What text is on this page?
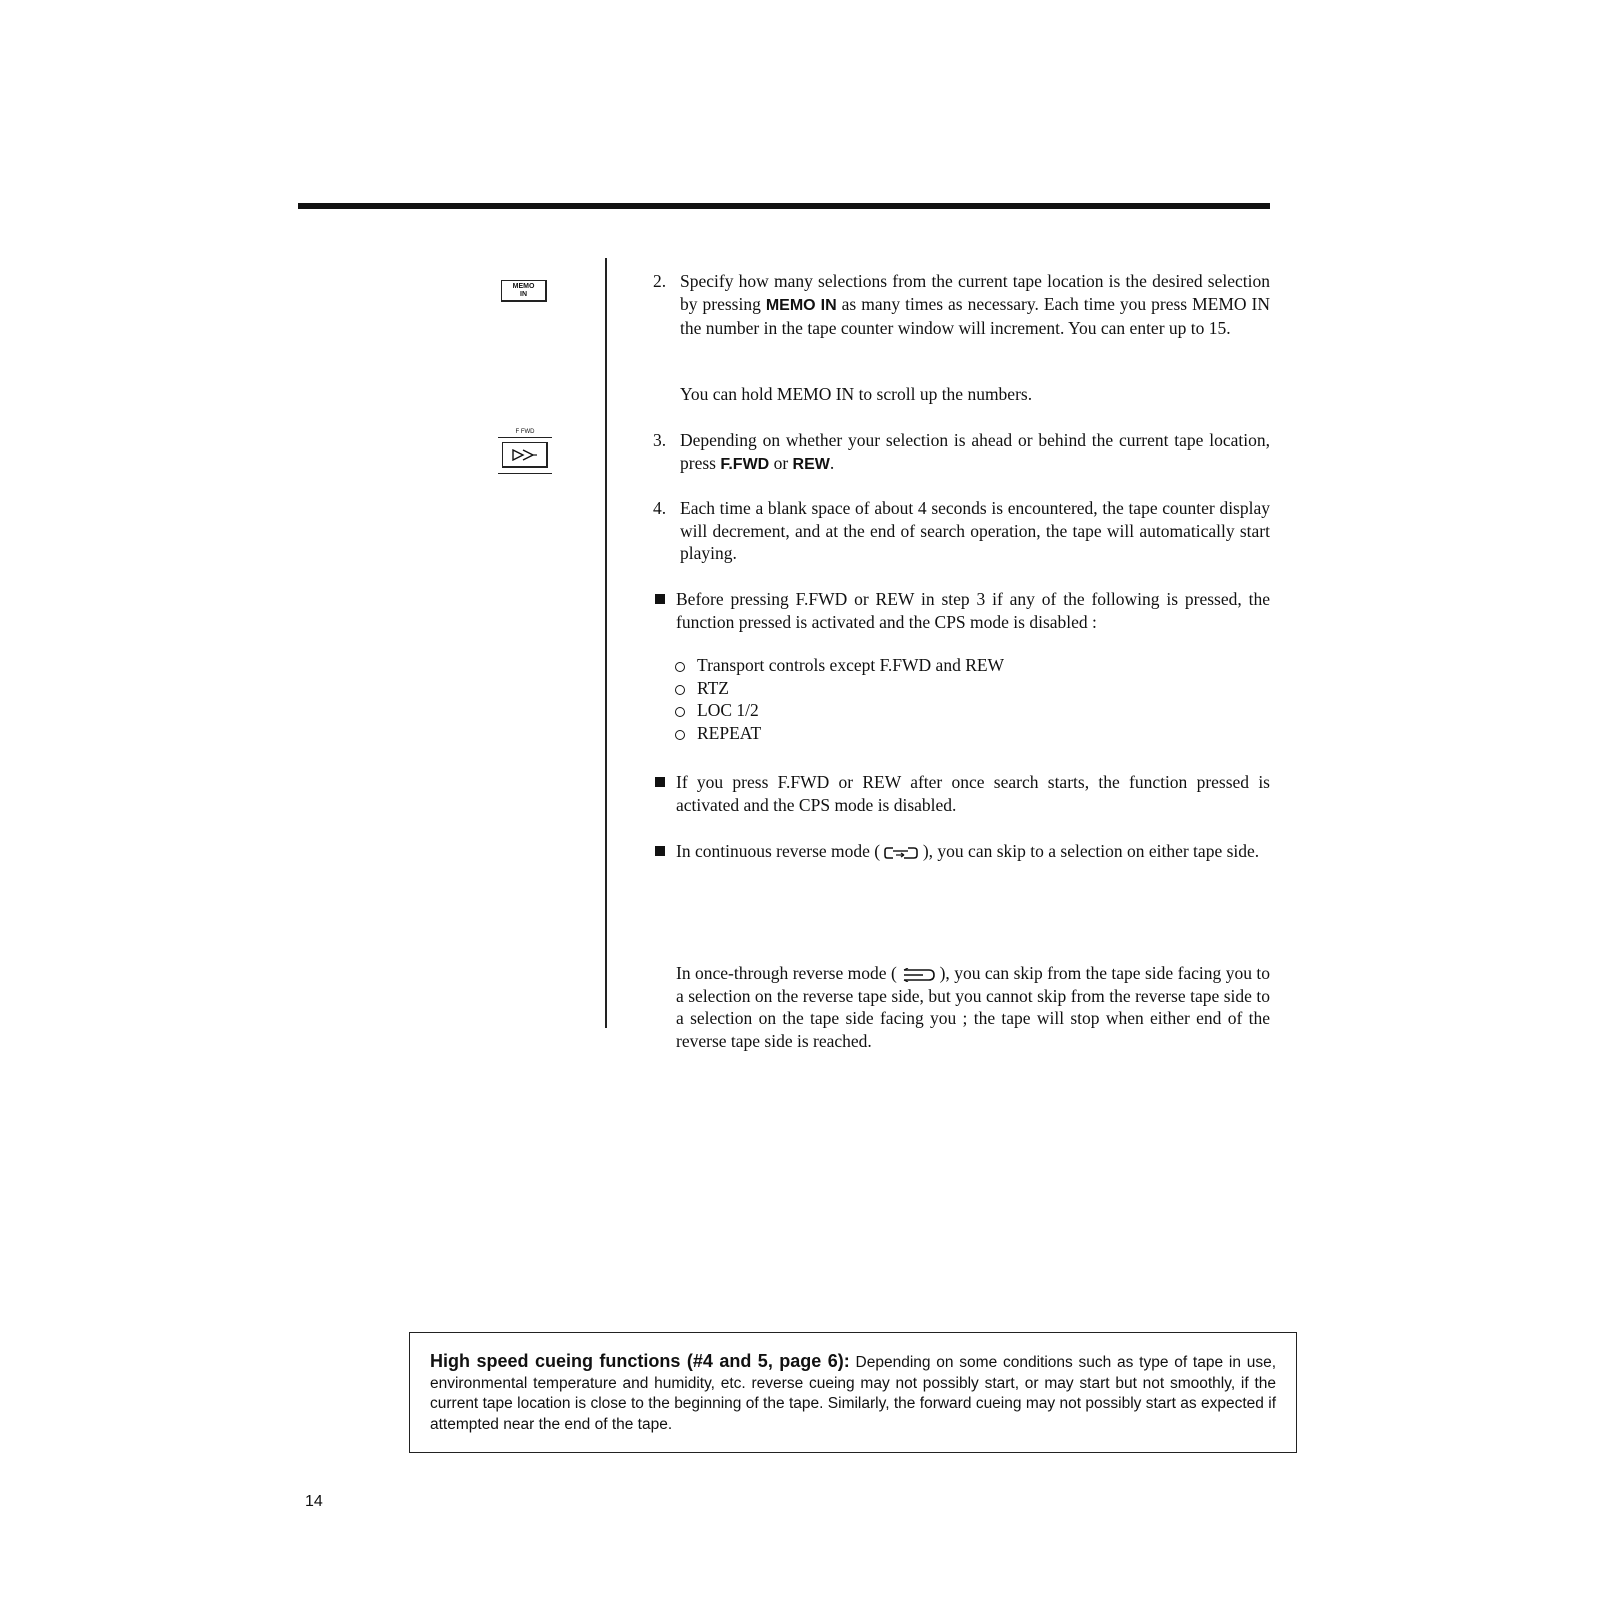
MEMO
IN
F FWD
2. Specify how many selections from the current tape location is the desired selection by pressing MEMO IN as many times as necessary. Each time you press MEMO IN the number in the tape counter window will increment. You can enter up to 15.
You can hold MEMO IN to scroll up the numbers.
3. Depending on whether your selection is ahead or behind the current tape location, press F.FWD or REW.
4. Each time a blank space of about 4 seconds is encountered, the tape counter display will decrement, and at the end of search operation, the tape will automatically start playing.
Before pressing F.FWD or REW in step 3 if any of the following is pressed, the function pressed is activated and the CPS mode is disabled :
Transport controls except F.FWD and REW
RTZ
LOC 1/2
REPEAT
If you press F.FWD or REW after once search starts, the function pressed is activated and the CPS mode is disabled.
In continuous reverse mode (  ), you can skip to a selection on either tape side.
In once-through reverse mode (  ), you can skip from the tape side facing you to a selection on the reverse tape side, but you cannot skip from the reverse tape side to a selection on the tape side facing you ; the tape will stop when either end of the reverse tape side is reached.
High speed cueing functions (#4 and 5, page 6): Depending on some conditions such as type of tape in use, environmental temperature and humidity, etc. reverse cueing may not possibly start, or may start but not smoothly, if the current tape location is close to the beginning of the tape. Similarly, the forward cueing may not possibly start as expected if attempted near the end of the tape.
14
